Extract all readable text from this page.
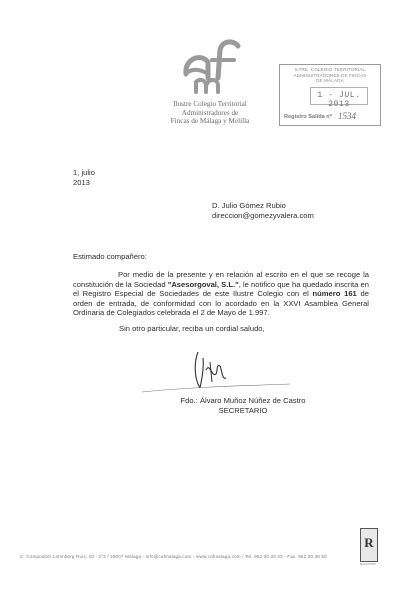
Ilustre Colegio Territorial
Administradores de
Fincas de Málaga y Melilla
ILTRE. COLEGIO TERRITORIAL
ADMINISTRADORES DE FINCAS
DE MÁLAGA
1 - JUL. 2013
Registro Salida nº 1534
1, julio
2013
D. Julio Gómez Rubio
direccion@gomezyvalera.com
Estimado compañero:
Por medio de la presente y en relación al escrito en el que se recoge la constitución de la Sociedad "Asesorgoval, S.L.", le notifico que ha quedado inscrita en el Registro Especial de Sociedades de este Ilustre Colegio con el número 161 de orden de entrada, de conformidad con lo acordado en la XXVI Asamblea General Ordinaria de Colegiados celebrada el 2 de Mayo de 1.997.
Sin otro particular, reciba un cordial saludo,
Fdo.: Álvaro Muñoz Núñez de Castro
SECRETARIO
C. Compositor Lehmberg Ruiz, 10 - 1º3 / 29007 Málaga - info@cafmalaga.com - www.cafmalaga.com / Tel. 952 30 33 33 - Fax. 952 30 36 50
R
REGISTRO
